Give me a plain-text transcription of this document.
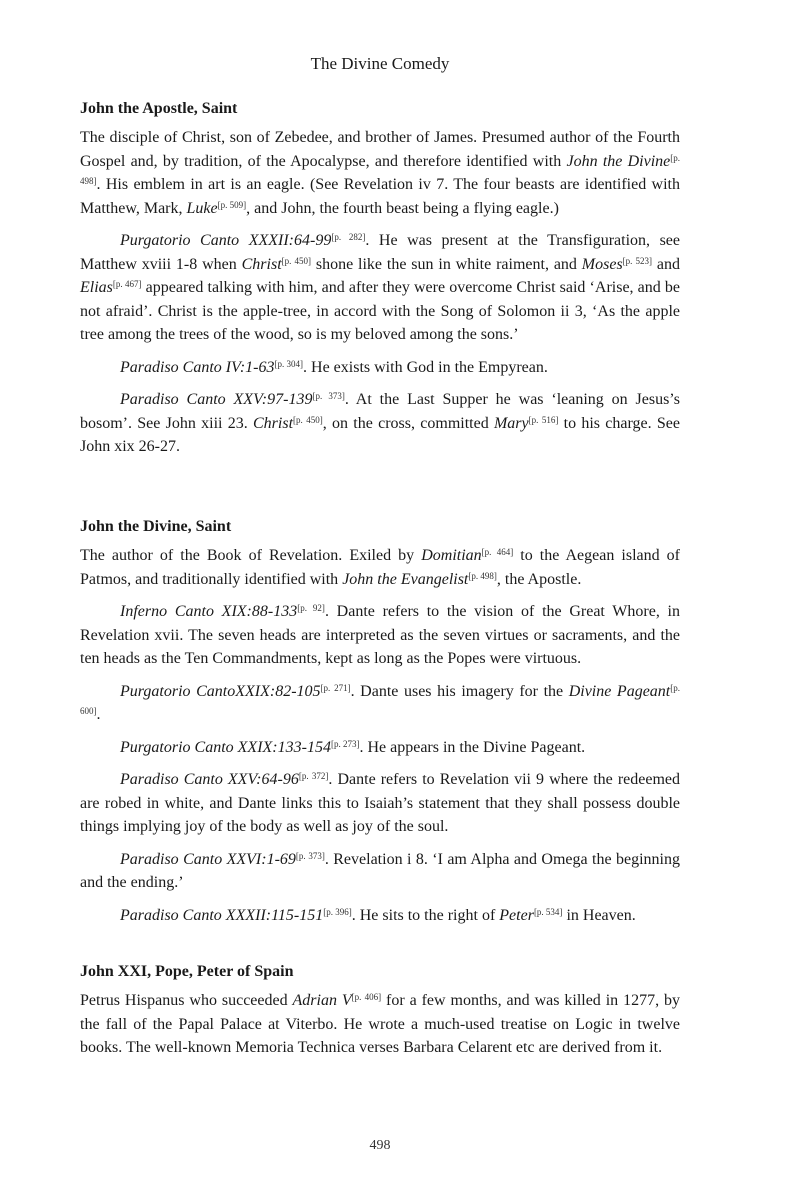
The Divine Comedy
John the Apostle, Saint

The disciple of Christ, son of Zebedee, and brother of James. Presumed author of the Fourth Gospel and, by tradition, of the Apocalypse, and therefore identified with John the Divine[p. 498]. His emblem in art is an eagle. (See Revelation iv 7. The four beasts are identified with Matthew, Mark, Luke[p. 509], and John, the fourth beast being a flying eagle.)

Purgatorio Canto XXXII:64-99[p. 282]. He was present at the Transfiguration, see Matthew xviii 1-8 when Christ[p. 450] shone like the sun in white raiment, and Moses[p. 523] and Elias[p. 467] appeared talking with him, and after they were overcome Christ said ‘Arise, and be not afraid’. Christ is the apple-tree, in accord with the Song of Solomon ii 3, ‘As the apple tree among the trees of the wood, so is my beloved among the sons.’

Paradiso Canto IV:1-63[p. 304]. He exists with God in the Empyrean.

Paradiso Canto XXV:97-139[p. 373]. At the Last Supper he was ‘leaning on Jesus’s bosom’. See John xiii 23. Christ[p. 450], on the cross, committed Mary[p. 516] to his charge. See John xix 26-27.

John the Divine, Saint

The author of the Book of Revelation. Exiled by Domitian[p. 464] to the Aegean island of Patmos, and traditionally identified with John the Evangelist[p. 498], the Apostle.

Inferno Canto XIX:88-133[p. 92]. Dante refers to the vision of the Great Whore, in Revelation xvii. The seven heads are interpreted as the seven virtues or sacraments, and the ten heads as the Ten Commandments, kept as long as the Popes were virtuous.

Purgatorio CantoXXIX:82-105[p. 271]. Dante uses his imagery for the Divine Pageant[p. 600].

Purgatorio Canto XXIX:133-154[p. 273]. He appears in the Divine Pageant.

Paradiso Canto XXV:64-96[p. 372]. Dante refers to Revelation vii 9 where the redeemed are robed in white, and Dante links this to Isaiah’s statement that they shall possess double things implying joy of the body as well as joy of the soul.

Paradiso Canto XXVI:1-69[p. 373]. Revelation i 8. ‘I am Alpha and Omega the beginning and the ending.’

Paradiso Canto XXXII:115-151[p. 396]. He sits to the right of Peter[p. 534] in Heaven.

John XXI, Pope, Peter of Spain

Petrus Hispanus who succeeded Adrian V[p. 406] for a few months, and was killed in 1277, by the fall of the Papal Palace at Viterbo. He wrote a much-used treatise on Logic in twelve books. The well-known Memoria Technica verses Barbara Celarent etc are derived from it.

498
